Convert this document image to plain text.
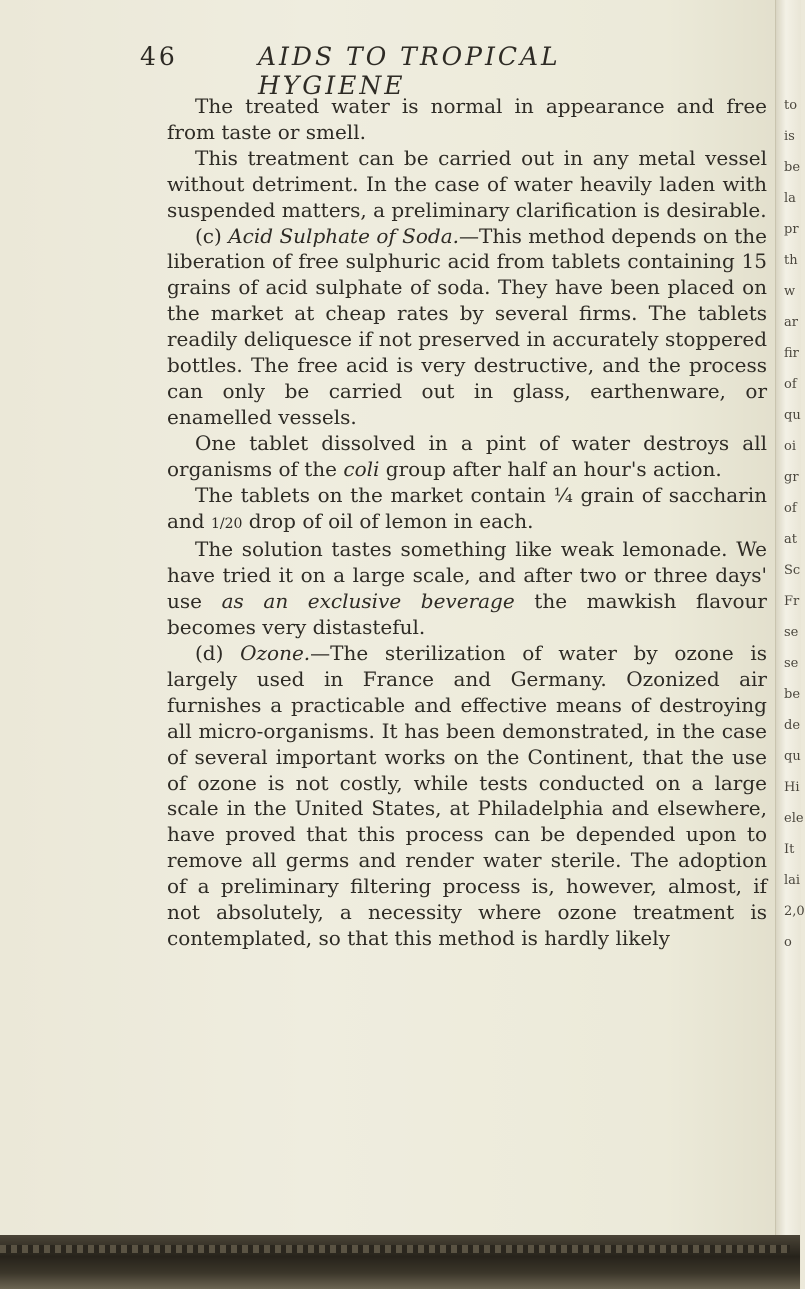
46	AIDS TO TROPICAL HYGIENE

The treated water is normal in appearance and free from taste or smell.

This treatment can be carried out in any metal vessel without detriment. In the case of water heavily laden with suspended matters, a preliminary clarification is desirable.

(c) Acid Sulphate of Soda.—This method depends on the liberation of free sulphuric acid from tablets containing 15 grains of acid sulphate of soda. They have been placed on the market at cheap rates by several firms. The tablets readily deliquesce if not preserved in accurately stoppered bottles. The free acid is very destructive, and the process can only be carried out in glass, earthenware, or enamelled vessels.

One tablet dissolved in a pint of water destroys all organisms of the coli group after half an hour's action.

The tablets on the market contain ¼ grain of saccharin and 1/20 drop of oil of lemon in each.

The solution tastes something like weak lemonade. We have tried it on a large scale, and after two or three days' use as an exclusive beverage the mawkish flavour becomes very distasteful.

(d) Ozone.—The sterilization of water by ozone is largely used in France and Germany. Ozonized air furnishes a practicable and effective means of destroying all micro-organisms. It has been demonstrated, in the case of several important works on the Continent, that the use of ozone is not costly, while tests conducted on a large scale in the United States, at Philadelphia and elsewhere, have proved that this process can be depended upon to remove all germs and render water sterile. The adoption of a preliminary filtering process is, however, almost, if not absolutely, a necessity where ozone treatment is contemplated, so that this method is hardly likely

to
is
be
la
pr
th
w
ar
fir
of
qu
oi
gr
of
at
Sc
Fr
se
se
be
de
qu
Hi
ele
It
lai
2,0
o
